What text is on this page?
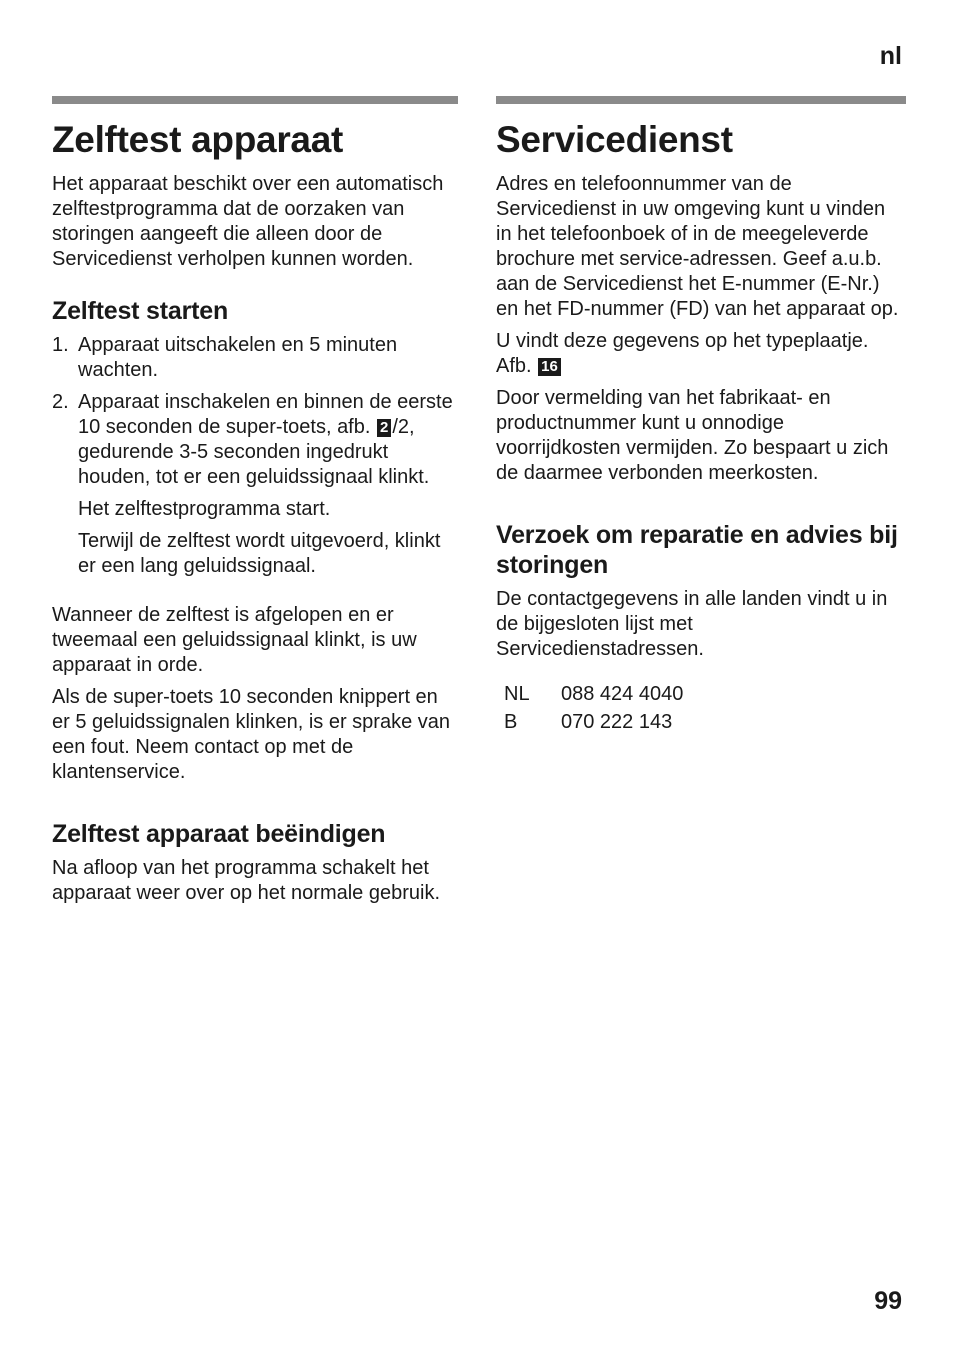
nl
Zelftest apparaat

Het apparaat beschikt over een automatisch zelftestprogramma dat de oorzaken van storingen aangeeft die alleen door de Servicedienst verholpen kunnen worden.

Zelftest starten
1. Apparaat uitschakelen en 5 minuten wachten.
2. Apparaat inschakelen en binnen de eerste 10 seconden de super-toets, afb. 2 /2, gedurende 3-5 seconden ingedrukt houden, tot er een geluidssignaal klinkt.

Het zelftestprogramma start.

Terwijl de zelftest wordt uitgevoerd, klinkt er een lang geluidssignaal.

Wanneer de zelftest is afgelopen en er tweemaal een geluidssignaal klinkt, is uw apparaat in orde.

Als de super-toets 10 seconden knippert en er 5 geluidssignalen klinken, is er sprake van een fout. Neem contact op met de klantenservice.

Zelftest apparaat beëindigen

Na afloop van het programma schakelt het apparaat weer over op het normale gebruik.

Servicedienst

Adres en telefoonnummer van de Servicedienst in uw omgeving kunt u vinden in het telefoonboek of in de meegeleverde brochure met service-adressen. Geef a.u.b. aan de Servicedienst het E-nummer (E-Nr.) en het FD-nummer (FD) van het apparaat op.

U vindt deze gegevens op het typeplaatje. Afb. 16

Door vermelding van het fabrikaat- en productnummer kunt u onnodige voorrijdkosten vermijden. Zo bespaart u zich de daarmee verbonden meerkosten.

Verzoek om reparatie en advies bij storingen

De contactgegevens in alle landen vindt u in de bijgesloten lijst met Servicedienstadressen.

NL	088 424 4040
B	070 222 143
99
